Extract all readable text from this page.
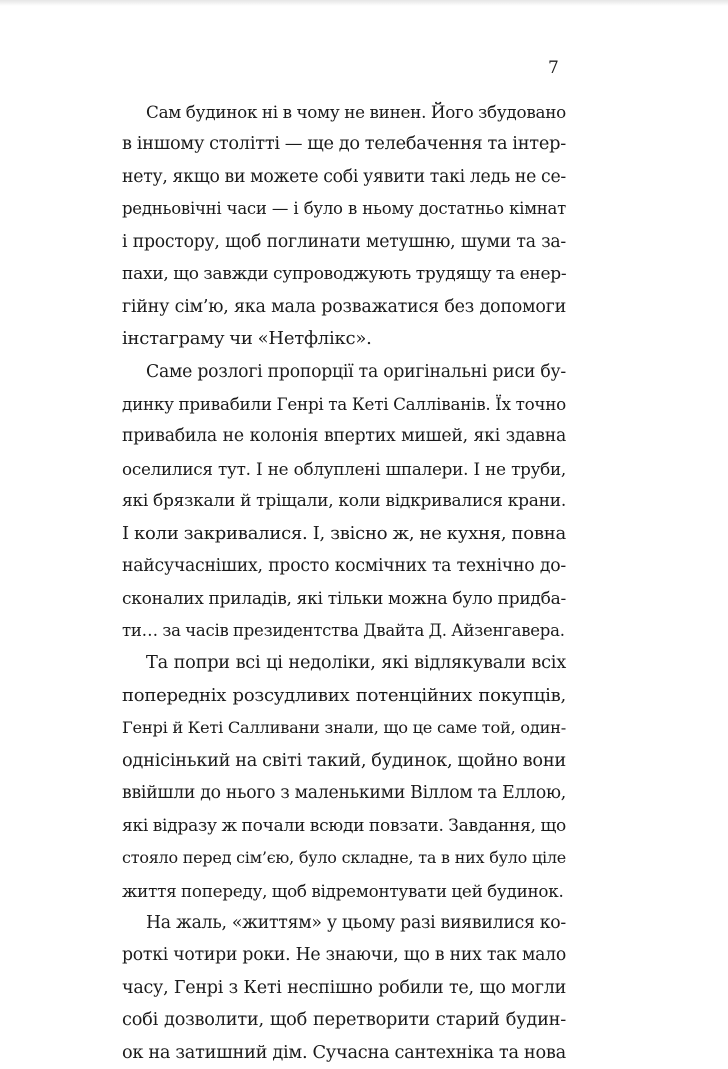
7
Сам будинок ні в чому не винен. Його збудовано
в іншому столітті — ще до телебачення та інтер-
нету, якщо ви можете собі уявити такі ледь не се-
редньовічні часи — і було в ньому достатньо кімнат
і простору, щоб поглинати метушню, шуми та за-
пахи, що завжди супроводжують трудящу та енер-
гійну сім’ю, яка мала розважатися без допомоги
інстаграму чи «Нетфлікс».
Саме розлогі пропорції та оригінальні риси бу-
динку привабили Генрі та Кеті Салліванів. Їх точно
привабила не колонія впертих мишей, які здавна
оселилися тут. І не облуплені шпалери. І не труби,
які брязкали й тріщали, коли відкривалися крани.
І коли закривалися. І, звісно ж, не кухня, повна
найсучасніших, просто космічних та технічно до-
сконалих приладів, які тільки можна було придба-
ти… за часів президентства Двайта Д. Айзенгавера.
Та попри всі ці недоліки, які відлякували всіх
попередніх розсудливих потенційних покупців,
Генрі й Кеті Салливани знали, що це саме той, один-
однісінький на світі такий, будинок, щойно вони
ввійшли до нього з маленькими Віллом та Еллою,
які відразу ж почали всюди повзати. Завдання, що
стояло перед сім’єю, було складне, та в них було ціле
життя попереду, щоб відремонтувати цей будинок.
На жаль, «життям» у цьому разі виявилися ко-
роткі чотири роки. Не знаючи, що в них так мало
часу, Генрі з Кеті неспішно робили те, що могли
собі дозволити, щоб перетворити старий будин-
ок на затишний дім. Сучасна сантехніка та нова
